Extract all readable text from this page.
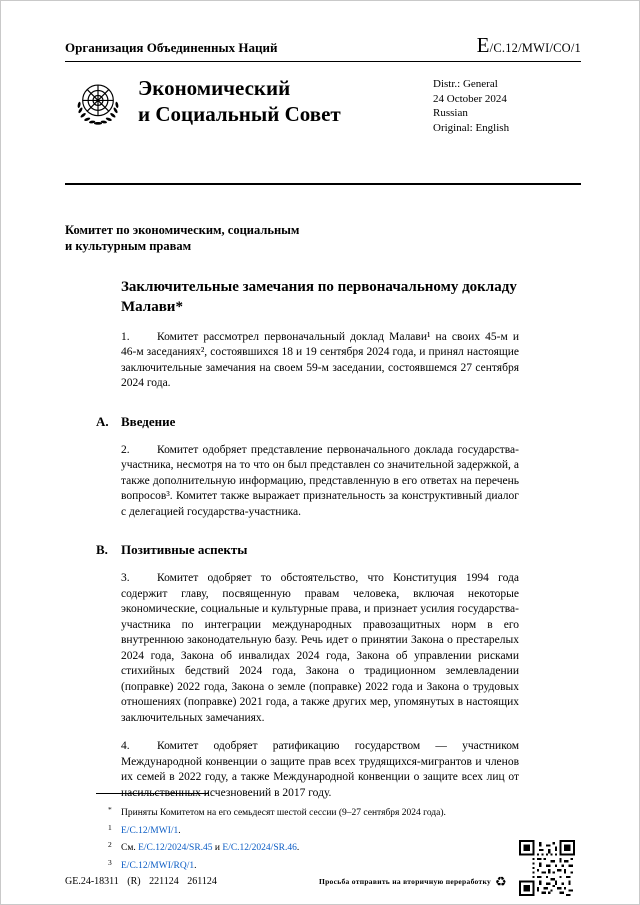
Организация Объединенных Наций	E/C.12/MWI/CO/1
Экономический
и Социальный Совет
Distr.: General
24 October 2024
Russian
Original: English
Комитет по экономическим, социальным
и культурным правам
Заключительные замечания по первоначальному докладу Малави*

1. Комитет рассмотрел первоначальный доклад Малави¹ на своих 45-м и 46-м заседаниях², состоявшихся 18 и 19 сентября 2024 года, и принял настоящие заключительные замечания на своем 59-м заседании, состоявшемся 27 сентября 2024 года.

A. Введение

2. Комитет одобряет представление первоначального доклада государства-участника, несмотря на то что он был представлен со значительной задержкой, а также дополнительную информацию, представленную в его ответах на перечень вопросов³. Комитет также выражает признательность за конструктивный диалог с делегацией государства-участника.

B. Позитивные аспекты

3. Комитет одобряет то обстоятельство, что Конституция 1994 года содержит главу, посвященную правам человека, включая некоторые экономические, социальные и культурные права, и признает усилия государства-участника по интеграции международных правозащитных норм в его внутреннюю законодательную базу. Речь идет о принятии Закона о престарелых 2024 года, Закона об инвалидах 2024 года, Закона об управлении рисками стихийных бедствий 2024 года, Закона о традиционном землевладении (поправке) 2022 года, Закона о земле (поправке) 2022 года и Закона о трудовых отношениях (поправке) 2021 года, а также других мер, упомянутых в настоящих заключительных замечаниях.

4. Комитет одобряет ратификацию государством — участником Международной конвенции о защите прав всех трудящихся-мигрантов и членов их семей в 2022 году, а также Международной конвенции о защите всех лиц от насильственных исчезновений в 2017 году.

* Приняты Комитетом на его семьдесят шестой сессии (9–27 сентября 2024 года).
1 E/C.12/MWI/1.
2 См. E/C.12/2024/SR.45 и E/C.12/2024/SR.46.
3 E/C.12/MWI/RQ/1.
GE.24-18311 (R) 221124 261124	Просьба отправить на вторичную переработку ♻
